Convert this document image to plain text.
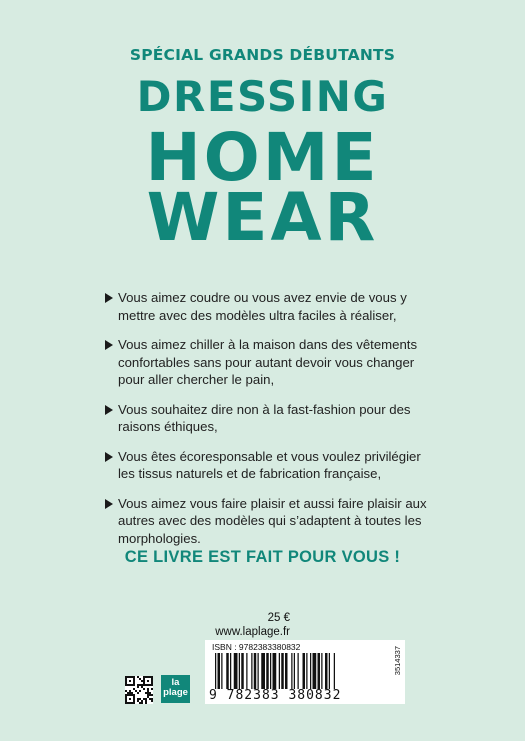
SPÉCIAL GRANDS DÉBUTANTS
DRESSING
HOME
WEAR
Vous aimez coudre ou vous avez envie de vous y mettre avec des modèles ultra faciles à réaliser,
Vous aimez chiller à la maison dans des vêtements confortables sans pour autant devoir vous changer pour aller chercher le pain,
Vous souhaitez dire non à la fast-fashion pour des raisons éthiques,
Vous êtes écoresponsable et vous voulez privilégier les tissus naturels et de fabrication française,
Vous aimez vous faire plaisir et aussi faire plaisir aux autres avec des modèles qui s’adaptent à toutes les morphologies.
CE LIVRE EST FAIT POUR VOUS !
25 €
www.laplage.fr
ISBN : 9782383380832
9 782383 380832
3514337
la
plage
